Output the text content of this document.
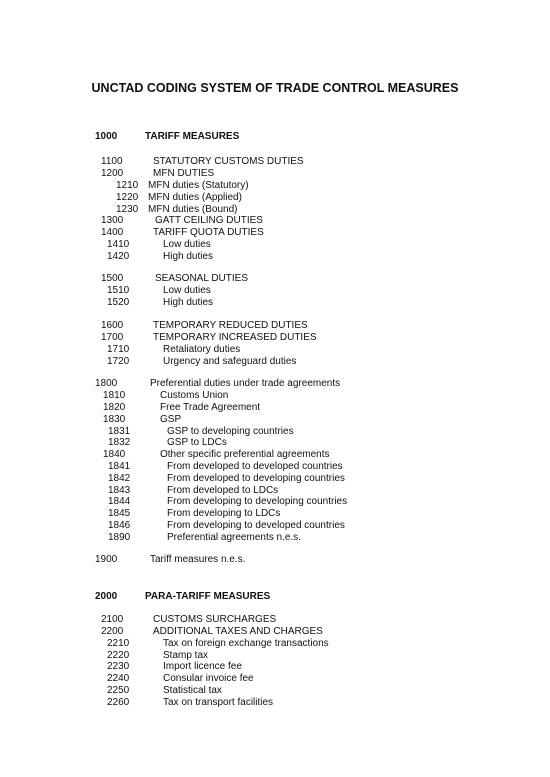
UNCTAD CODING SYSTEM OF TRADE CONTROL MEASURES
1000	TARIFF MEASURES
1100	STATUTORY CUSTOMS DUTIES
1200	MFN DUTIES
1210 MFN duties (Statutory)
1220 MFN duties (Applied)
1230 MFN duties (Bound)
1300	GATT CEILING DUTIES
1400	TARIFF QUOTA DUTIES
1410	Low duties
1420	High duties
1500	SEASONAL DUTIES
1510	Low duties
1520	High duties
1600	TEMPORARY REDUCED DUTIES
1700	TEMPORARY INCREASED DUTIES
1710	Retaliatory duties
1720	Urgency and safeguard duties
1800	Preferential duties under trade agreements
1810	Customs Union
1820	Free Trade Agreement
1830	GSP
1831	GSP to developing countries
1832	GSP to LDCs
1840	Other specific preferential agreements
1841	From developed to developed countries
1842	From developed to developing countries
1843	From developed to LDCs
1844	From developing to developing countries
1845	From developing to LDCs
1846	From developing to developed countries
1890	Preferential agreements n.e.s.
1900	Tariff measures n.e.s.
2000	PARA-TARIFF MEASURES
2100	CUSTOMS SURCHARGES
2200	ADDITIONAL TAXES AND CHARGES
2210	Tax on foreign exchange transactions
2220	Stamp tax
2230	Import licence fee
2240	Consular invoice fee
2250	Statistical tax
2260	Tax on transport facilities
